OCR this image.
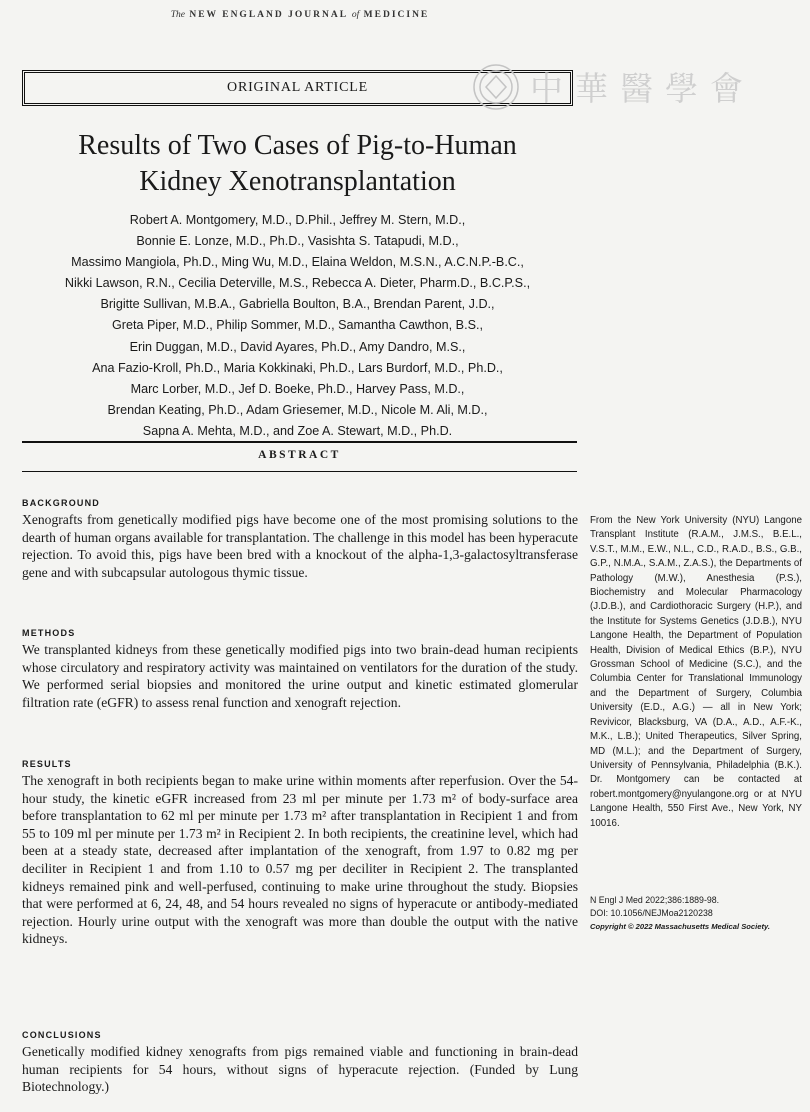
The NEW ENGLAND JOURNAL of MEDICINE
ORIGINAL ARTICLE	中華醫學會
Results of Two Cases of Pig-to-Human
Kidney Xenotransplantation
Robert A. Montgomery, M.D., D.Phil., Jeffrey M. Stern, M.D.,
Bonnie E. Lonze, M.D., Ph.D., Vasishta S. Tatapudi, M.D.,
Massimo Mangiola, Ph.D., Ming Wu, M.D., Elaina Weldon, M.S.N., A.C.N.P.-B.C.,
Nikki Lawson, R.N., Cecilia Deterville, M.S., Rebecca A. Dieter, Pharm.D., B.C.P.S.,
Brigitte Sullivan, M.B.A., Gabriella Boulton, B.A., Brendan Parent, J.D.,
Greta Piper, M.D., Philip Sommer, M.D., Samantha Cawthon, B.S.,
Erin Duggan, M.D., David Ayares, Ph.D., Amy Dandro, M.S.,
Ana Fazio-Kroll, Ph.D., Maria Kokkinaki, Ph.D., Lars Burdorf, M.D., Ph.D.,
Marc Lorber, M.D., Jef D. Boeke, Ph.D., Harvey Pass, M.D.,
Brendan Keating, Ph.D., Adam Griesemer, M.D., Nicole M. Ali, M.D.,
Sapna A. Mehta, M.D., and Zoe A. Stewart, M.D., Ph.D.
ABSTRACT
BACKGROUND

Xenografts from genetically modified pigs have become one of the most promising solutions to the dearth of human organs available for transplantation. The challenge in this model has been hyperacute rejection. To avoid this, pigs have been bred with a knockout of the alpha-1,3-galactosyltransferase gene and with subcapsular autologous thymic tissue.

METHODS

We transplanted kidneys from these genetically modified pigs into two brain-dead human recipients whose circulatory and respiratory activity was maintained on ventilators for the duration of the study. We performed serial biopsies and monitored the urine output and kinetic estimated glomerular filtration rate (eGFR) to assess renal function and xenograft rejection.

RESULTS

The xenograft in both recipients began to make urine within moments after reperfusion. Over the 54-hour study, the kinetic eGFR increased from 23 ml per minute per 1.73 m² of body-surface area before transplantation to 62 ml per minute per 1.73 m² after transplantation in Recipient 1 and from 55 to 109 ml per minute per 1.73 m² in Recipient 2. In both recipients, the creatinine level, which had been at a steady state, decreased after implantation of the xenograft, from 1.97 to 0.82 mg per deciliter in Recipient 1 and from 1.10 to 0.57 mg per deciliter in Recipient 2. The transplanted kidneys remained pink and well-perfused, continuing to make urine throughout the study. Biopsies that were performed at 6, 24, 48, and 54 hours revealed no signs of hyperacute or antibody-mediated rejection. Hourly urine output with the xenograft was more than double the output with the native kidneys.

CONCLUSIONS

Genetically modified kidney xenografts from pigs remained viable and functioning in brain-dead human recipients for 54 hours, without signs of hyperacute rejection. (Funded by Lung Biotechnology.)

From the New York University (NYU) Langone Transplant Institute (R.A.M., J.M.S., B.E.L., V.S.T., M.M., E.W., N.L., C.D., R.A.D., B.S., G.B., G.P., N.M.A., S.A.M., Z.A.S.), the Departments of Pathology (M.W.), Anesthesia (P.S.), Biochemistry and Molecular Pharmacology (J.D.B.), and Cardiothoracic Surgery (H.P.), and the Institute for Systems Genetics (J.D.B.), NYU Langone Health, the Department of Population Health, Division of Medical Ethics (B.P.), NYU Grossman School of Medicine (S.C.), and the Columbia Center for Translational Immunology and the Department of Surgery, Columbia University (E.D., A.G.) — all in New York; Revivicor, Blacksburg, VA (D.A., A.D., A.F.-K., M.K., L.B.); United Therapeutics, Silver Spring, MD (M.L.); and the Department of Surgery, University of Pennsylvania, Philadelphia (B.K.). Dr. Montgomery can be contacted at robert.montgomery@nyulangone.org or at NYU Langone Health, 550 First Ave., New York, NY 10016.

N Engl J Med 2022;386:1889-98.
DOI: 10.1056/NEJMoa2120238
Copyright © 2022 Massachusetts Medical Society.
